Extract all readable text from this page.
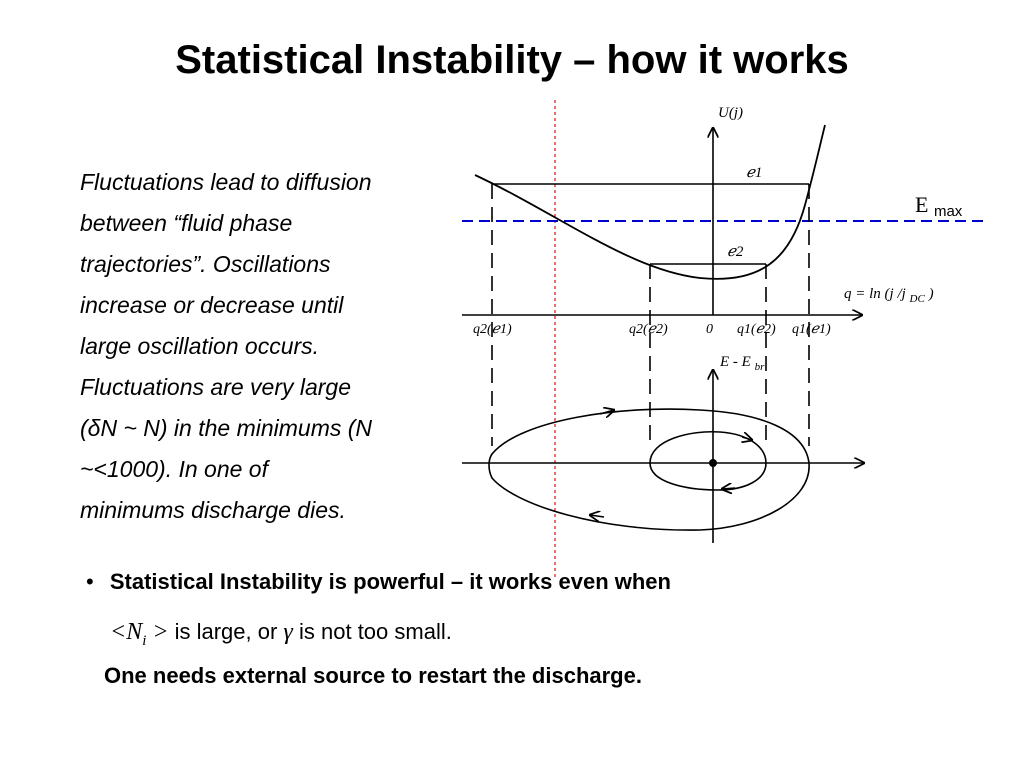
Statistical Instability – how it works
Fluctuations lead to diffusion
between “fluid phase
trajectories”. Oscillations
increase or decrease until
large oscillation occurs.
Fluctuations are very large
(δN ~ N) in the minimums (N
~<1000). In one of
minimums discharge dies.
U(j)
ℯ1
ℯ2
E max
q = ln (j /j $_{DC}$ )
q2(ℯ1)	q2(ℯ2)	0 q1(ℯ2) q1(ℯ1)
E - E $_{br}$
• Statistical Instability is powerful – it works even when
$<N_i$ > is large, or γ is not too small.
One needs external source to restart the discharge.
